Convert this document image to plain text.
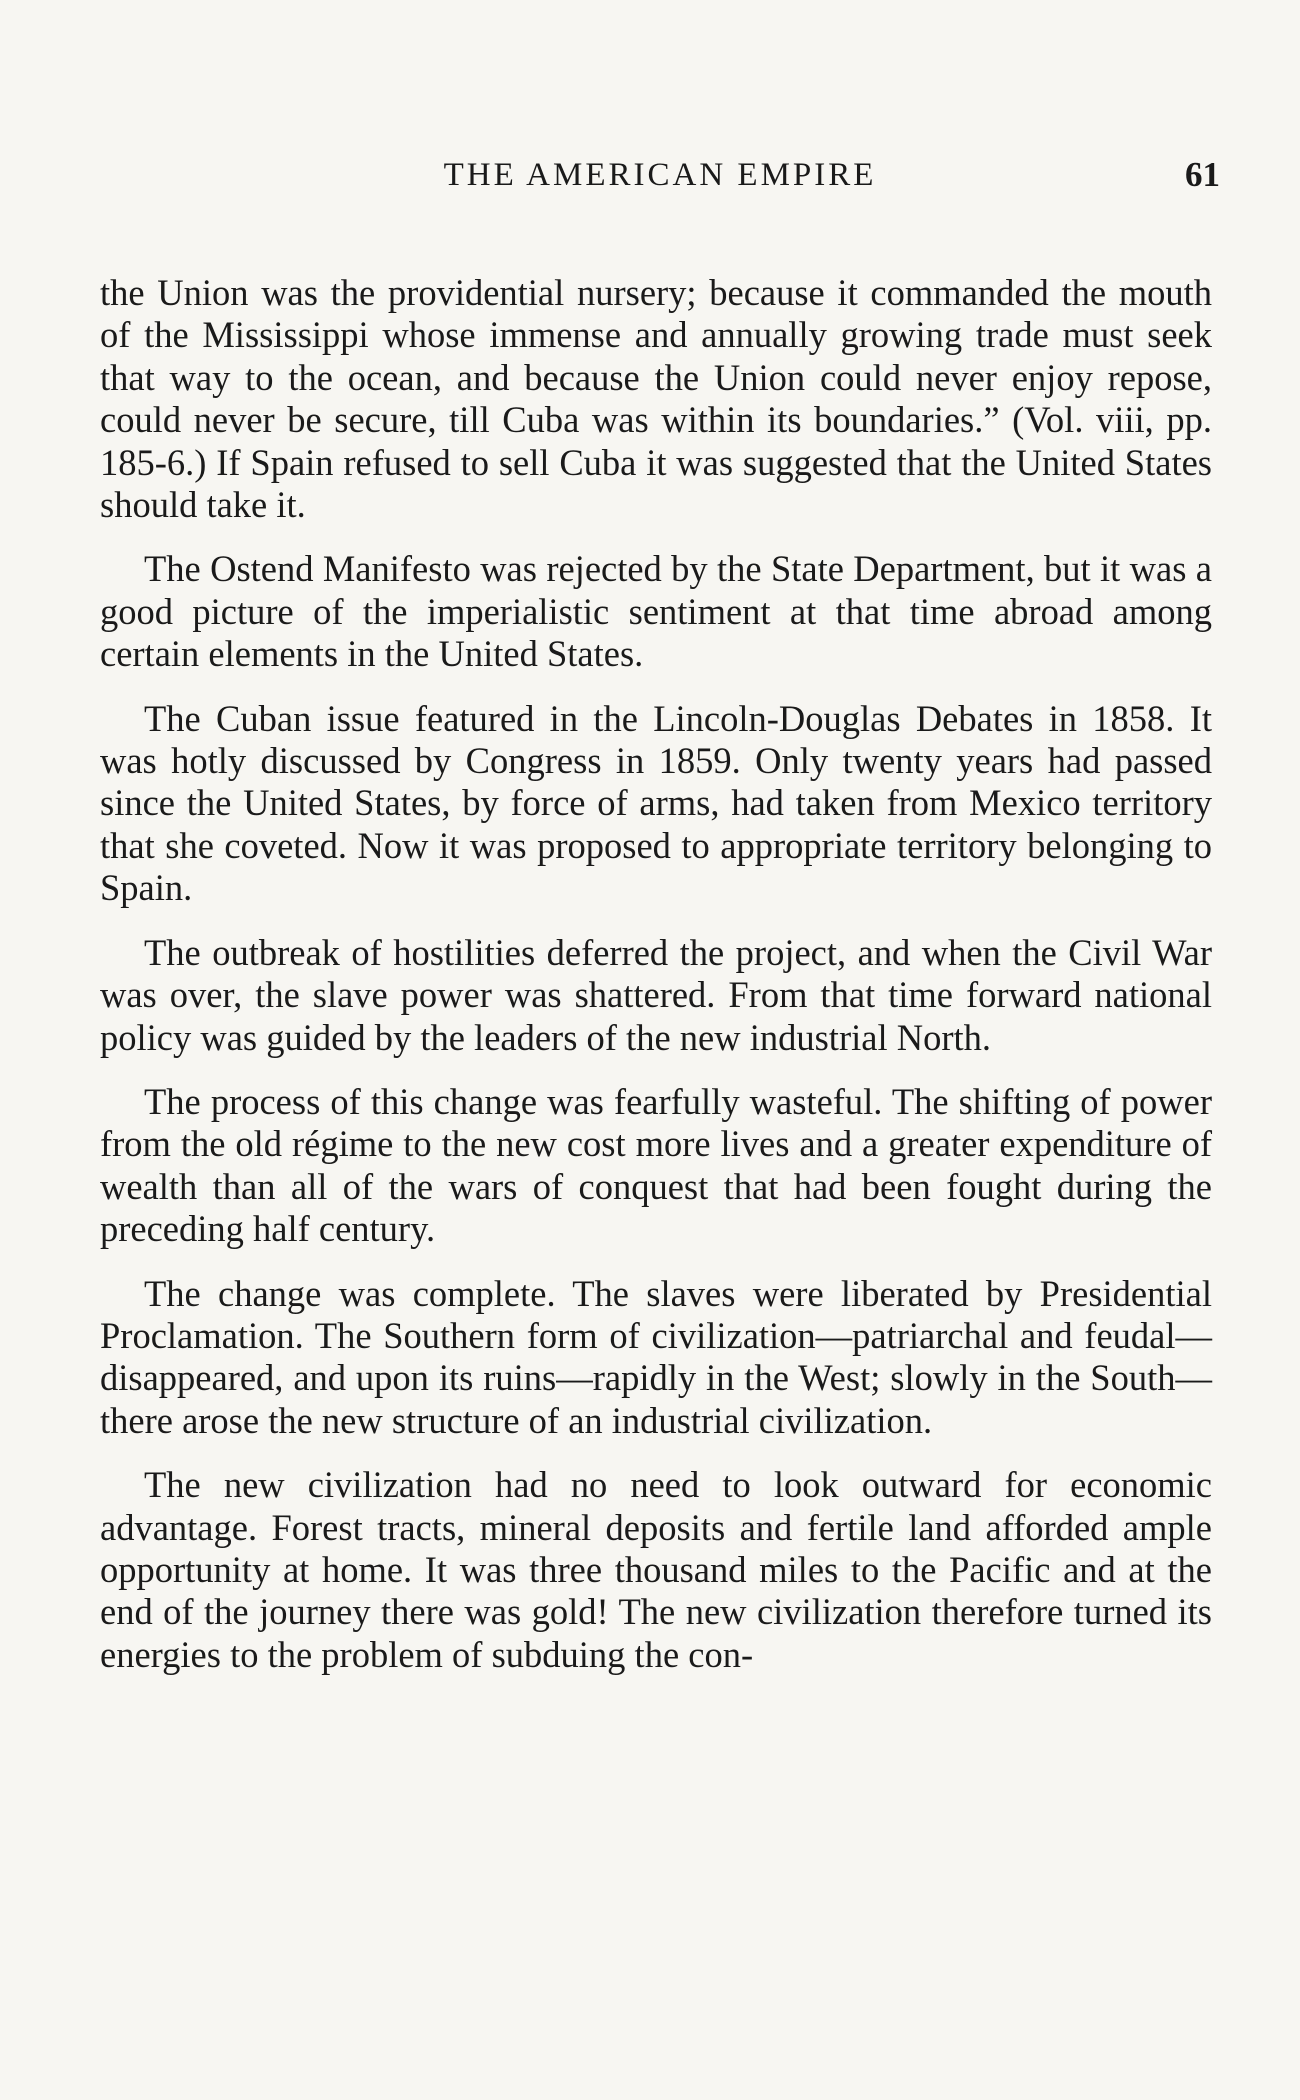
THE AMERICAN EMPIRE	61

the Union was the providential nursery; because it commanded the mouth of the Mississippi whose immense and annually growing trade must seek that way to the ocean, and because the Union could never enjoy repose, could never be secure, till Cuba was within its boundaries.” (Vol. viii, pp. 185-6.) If Spain refused to sell Cuba it was suggested that the United States should take it.

The Ostend Manifesto was rejected by the State Department, but it was a good picture of the imperialistic sentiment at that time abroad among certain elements in the United States.

The Cuban issue featured in the Lincoln-Douglas Debates in 1858. It was hotly discussed by Congress in 1859. Only twenty years had passed since the United States, by force of arms, had taken from Mexico territory that she coveted. Now it was proposed to appropriate territory belonging to Spain.

The outbreak of hostilities deferred the project, and when the Civil War was over, the slave power was shattered. From that time forward national policy was guided by the leaders of the new industrial North.

The process of this change was fearfully wasteful. The shifting of power from the old régime to the new cost more lives and a greater expenditure of wealth than all of the wars of conquest that had been fought during the preceding half century.

The change was complete. The slaves were liberated by Presidential Proclamation. The Southern form of civilization—patriarchal and feudal—disappeared, and upon its ruins—rapidly in the West; slowly in the South—there arose the new structure of an industrial civilization.

The new civilization had no need to look outward for economic advantage. Forest tracts, mineral deposits and fertile land afforded ample opportunity at home. It was three thousand miles to the Pacific and at the end of the journey there was gold! The new civilization therefore turned its energies to the problem of subduing the con-
